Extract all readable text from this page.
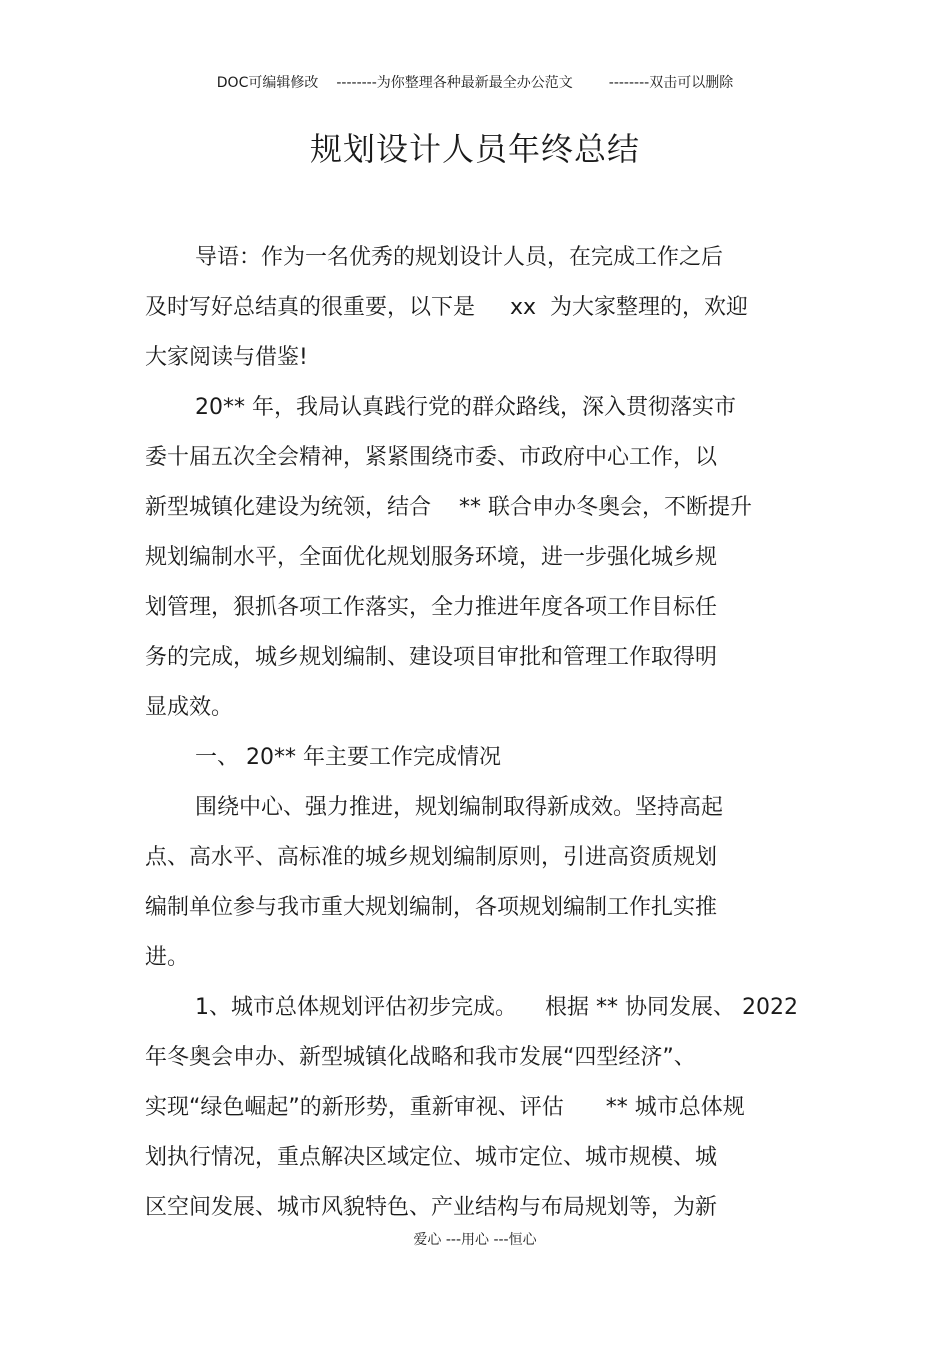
DOC可编辑修改 --------为你整理各种最新最全办公范文	--------双击可以删除
规划设计人员年终总结
导语：作为一名优秀的规划设计人员，在完成工作之后
及时写好总结真的很重要，以下是     xx  为大家整理的，欢迎
大家阅读与借鉴!
20** 年，我局认真践行党的群众路线，深入贯彻落实市
委十届五次全会精神，紧紧围绕市委、市政府中心工作，以
新型城镇化建设为统领，结合    ** 联合申办冬奥会，不断提升
规划编制水平，全面优化规划服务环境，进一步强化城乡规
划管理，狠抓各项工作落实，全力推进年度各项工作目标任
务的完成，城乡规划编制、建设项目审批和管理工作取得明
显成效。
一、 20** 年主要工作完成情况
围绕中心、强力推进，规划编制取得新成效。坚持高起
点、高水平、高标准的城乡规划编制原则，引进高资质规划
编制单位参与我市重大规划编制，各项规划编制工作扎实推
进。
1、城市总体规划评估初步完成。    根据 ** 协同发展、 2022
年冬奥会申办、新型城镇化战略和我市发展“四型经济”、
实现“绿色崛起”的新形势，重新审视、评估      ** 城市总体规
划执行情况，重点解决区域定位、城市定位、城市规模、城
区空间发展、城市风貌特色、产业结构与布局规划等，为新
爱心 ---用心 ---恒心
